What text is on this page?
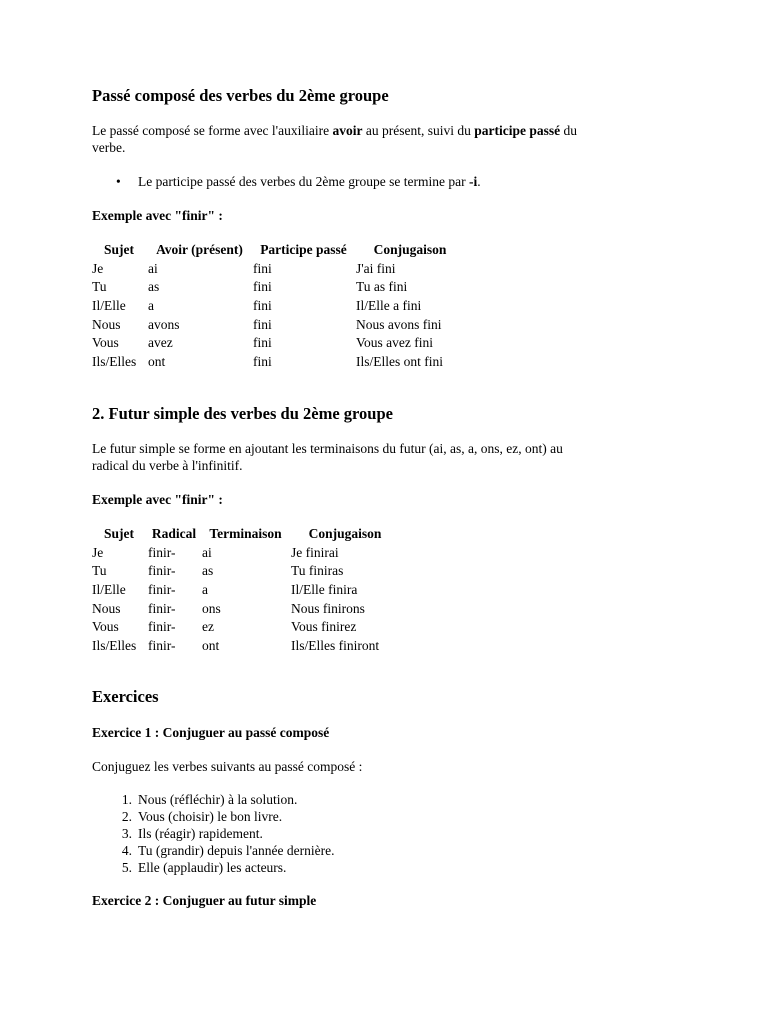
Passé composé des verbes du 2ème groupe

Le passé composé se forme avec l'auxiliaire avoir au présent, suivi du participe passé du

verbe.

• Le participe passé des verbes du 2ème groupe se termine par -i.

Exemple avec "finir" :

Sujet	Avoir (présent)	Participe passé	Conjugaison
Je	ai	fini	J'ai fini
Tu	as	fini	Tu as fini
Il/Elle	a	fini	Il/Elle a fini
Nous	avons	fini	Nous avons fini
Vous	avez	fini	Vous avez fini
Ils/Elles	ont	fini	Ils/Elles ont fini
2. Futur simple des verbes du 2ème groupe

Le futur simple se forme en ajoutant les terminaisons du futur (ai, as, a, ons, ez, ont) au

radical du verbe à l'infinitif.

Exemple avec "finir" :

Sujet	Radical	Terminaison	Conjugaison
Je	finir-	ai	Je finirai
Tu	finir-	as	Tu finiras
Il/Elle	finir-	a	Il/Elle finira
Nous	finir-	ons	Nous finirons
Vous	finir-	ez	Vous finirez
Ils/Elles	finir-	ont	Ils/Elles finiront
Exercices

Exercice 1 : Conjuguer au passé composé

Conjuguez les verbes suivants au passé composé :

1. Nous (réfléchir) à la solution.
2. Vous (choisir) le bon livre.
3. Ils (réagir) rapidement.
4. Tu (grandir) depuis l'année dernière.
5. Elle (applaudir) les acteurs.

Exercice 2 : Conjuguer au futur simple
